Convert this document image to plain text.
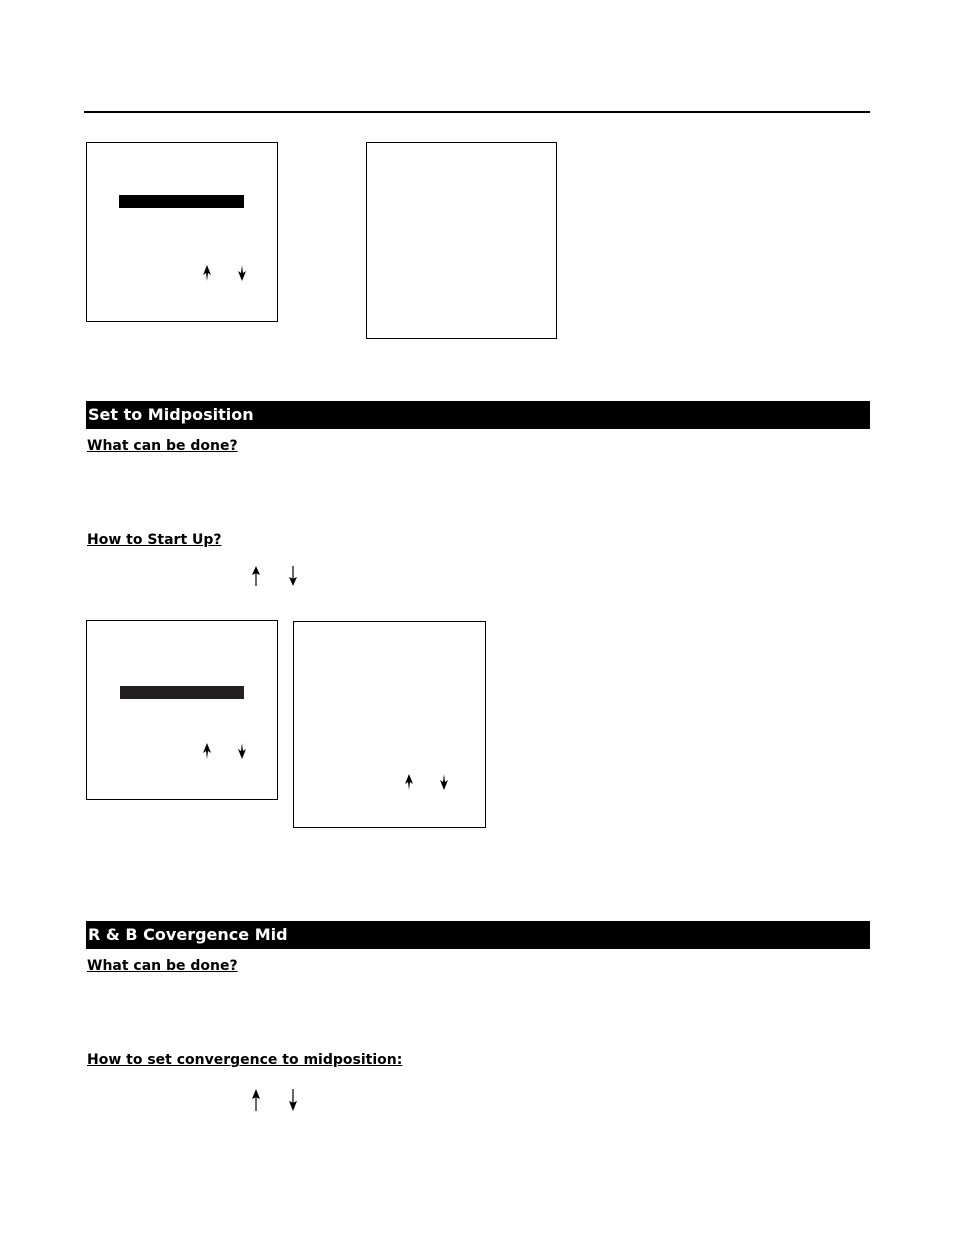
Set to Midposition
What can be done?
How to Start Up?
R & B Covergence Mid
What can be done?
How to set convergence to midposition:
